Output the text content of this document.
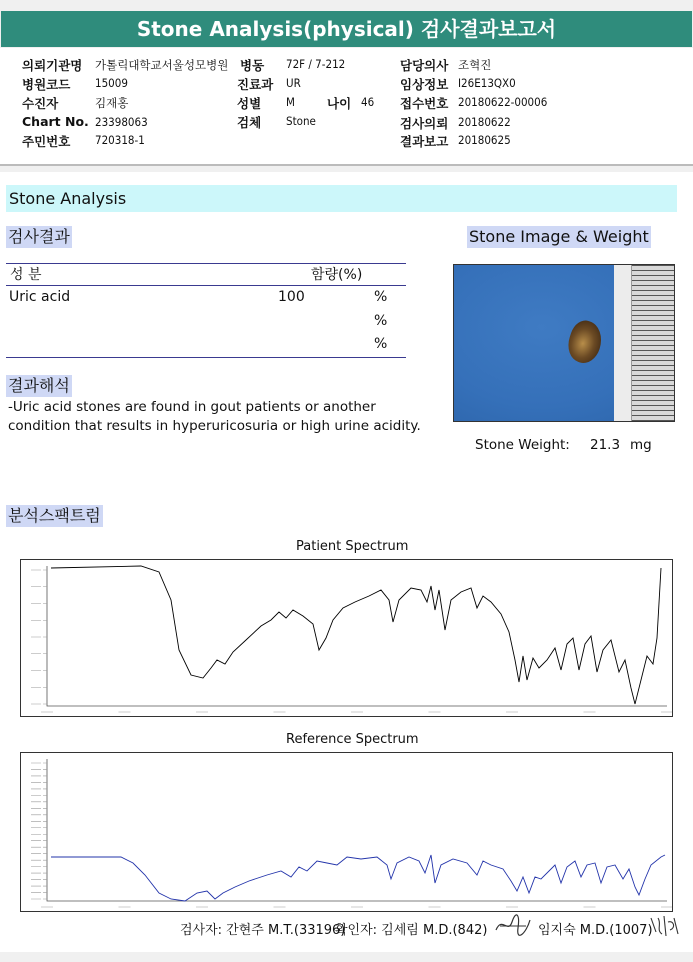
Stone Analysis(physical) 검사결과보고서
의뢰기관명 가톨릭대학교서울성모병원 병동 72F / 7-212	담당의사 조혁진
병원코드 15009	진료과 UR	임상정보 I26E13QX0
수진자	김재홍	성별 M	나이 46 접수번호 20180622-00006
Chart No. 23398063	검체 Stone	검사의뢰 20180622
주민번호 720318-1	결과보고 20180625
Stone Analysis
검사결과	Stone Image & Weight
성 분	함량(%)
Uric acid	100	%
%
%
결과해석
-Uric acid stones are found in gout patients or another
condition that results in hyperuricosuria or high urine acidity.
Stone Weight: 21.3 mg
분석스팩트럼
Patient Spectrum
Reference Spectrum
검사자: 간현주 M.T.(33196)
확인자: 김세림 M.D.(842)	임지숙 M.D.(1007)
